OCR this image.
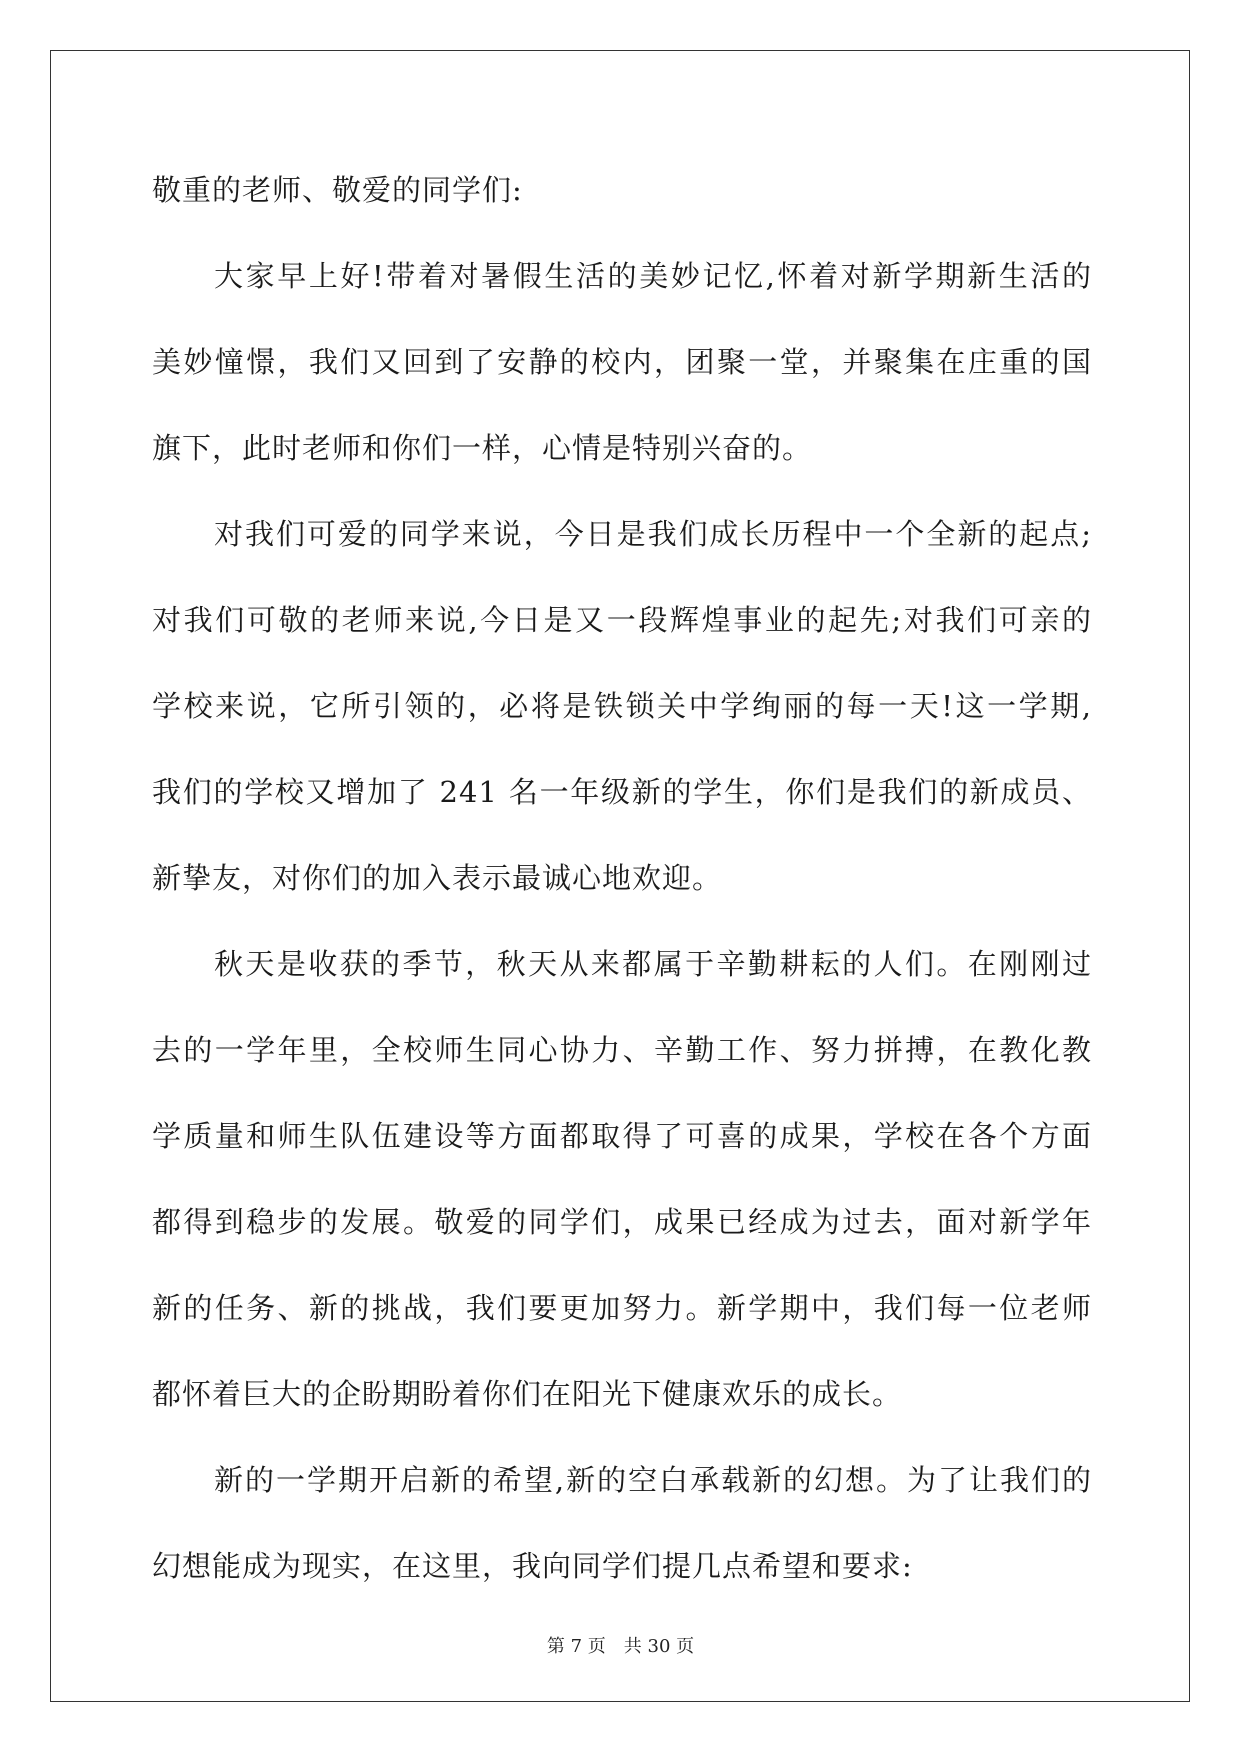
敬重的老师、敬爱的同学们:
大家早上好!带着对暑假生活的美妙记忆,怀着对新学期新生活的
美妙憧憬，我们又回到了安静的校内，团聚一堂，并聚集在庄重的国
旗下，此时老师和你们一样，心情是特别兴奋的。
对我们可爱的同学来说，今日是我们成长历程中一个全新的起点;
对我们可敬的老师来说,今日是又一段辉煌事业的起先;对我们可亲的
学校来说，它所引领的，必将是铁锁关中学绚丽的每一天!这一学期,
我们的学校又增加了 241 名一年级新的学生，你们是我们的新成员、
新挚友，对你们的加入表示最诚心地欢迎。
秋天是收获的季节，秋天从来都属于辛勤耕耘的人们。在刚刚过
去的一学年里，全校师生同心协力、辛勤工作、努力拼搏，在教化教
学质量和师生队伍建设等方面都取得了可喜的成果，学校在各个方面
都得到稳步的发展。敬爱的同学们，成果已经成为过去，面对新学年
新的任务、新的挑战，我们要更加努力。新学期中，我们每一位老师
都怀着巨大的企盼期盼着你们在阳光下健康欢乐的成长。
新的一学期开启新的希望,新的空白承载新的幻想。为了让我们的
幻想能成为现实，在这里，我向同学们提几点希望和要求:
第 7 页 共 30 页
